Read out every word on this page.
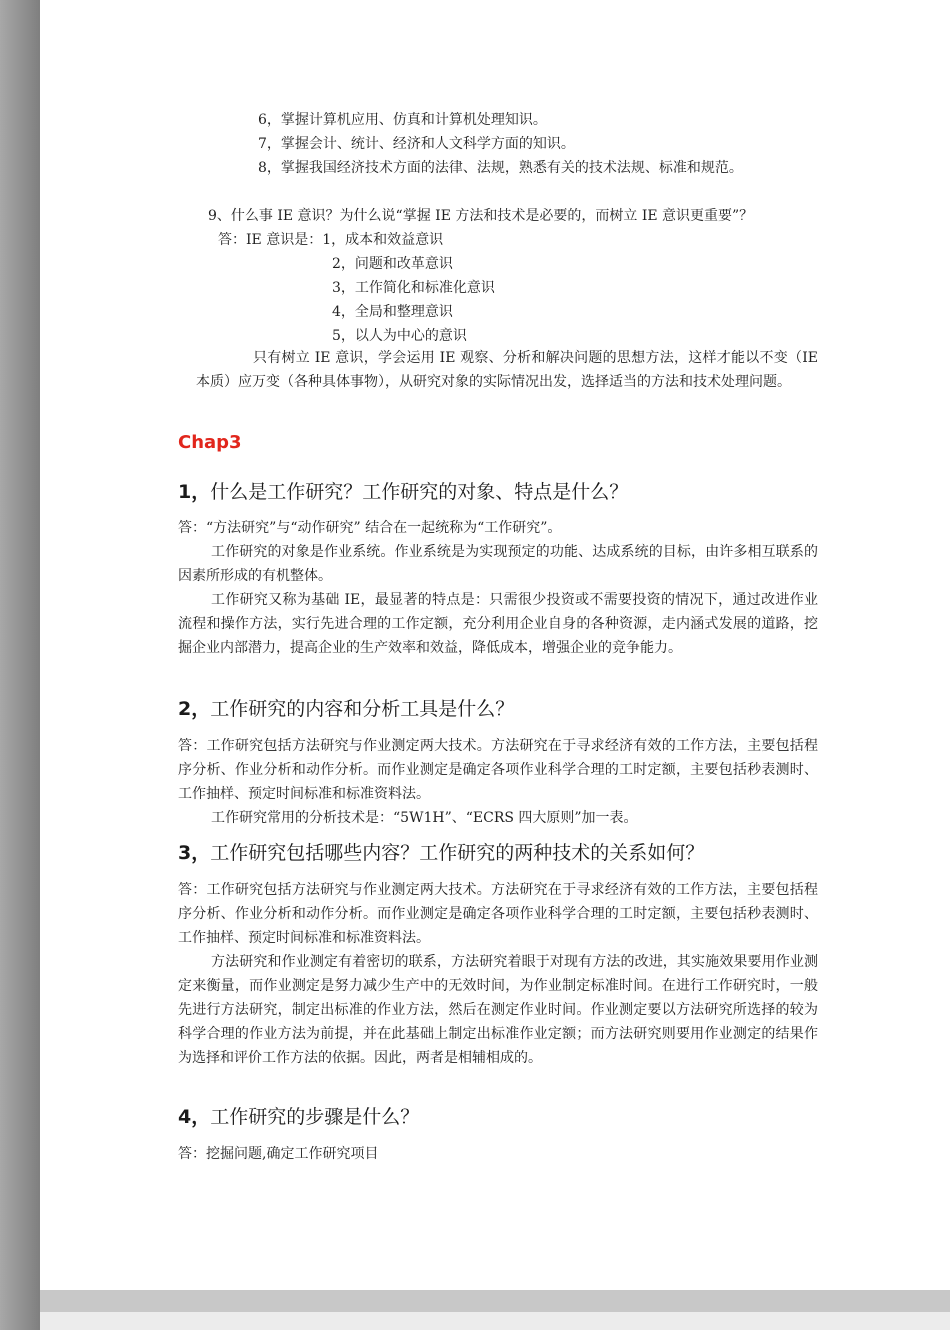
6，掌握计算机应用、仿真和计算机处理知识。
7，掌握会计、统计、经济和人文科学方面的知识。
8，掌握我国经济技术方面的法律、法规，熟悉有关的技术法规、标准和规范。
9、什么事 IE 意识？为什么说“掌握 IE 方法和技术是必要的，而树立 IE 意识更重要”？
答：IE 意识是：1，成本和效益意识
2，问题和改革意识
3，工作简化和标准化意识
4，全局和整理意识
5，以人为中心的意识
只有树立 IE 意识，学会运用 IE 观察、分析和解决问题的思想方法，这样才能以不变（IE 本质）应万变（各种具体事物），从研究对象的实际情况出发，选择适当的方法和技术处理问题。
Chap3
1，什么是工作研究？工作研究的对象、特点是什么？
答：“方法研究”与“动作研究” 结合在一起统称为“工作研究”。
工作研究的对象是作业系统。作业系统是为实现预定的功能、达成系统的目标，由许多相互联系的因素所形成的有机整体。
工作研究又称为基础 IE，最显著的特点是：只需很少投资或不需要投资的情况下，通过改进作业流程和操作方法，实行先进合理的工作定额，充分利用企业自身的各种资源，走内涵式发展的道路，挖掘企业内部潜力，提高企业的生产效率和效益，降低成本，增强企业的竞争能力。
2，工作研究的内容和分析工具是什么？
答：工作研究包括方法研究与作业测定两大技术。方法研究在于寻求经济有效的工作方法，主要包括程序分析、作业分析和动作分析。而作业测定是确定各项作业科学合理的工时定额，主要包括秒表测时、工作抽样、预定时间标准和标准资料法。
工作研究常用的分析技术是：“5W1H”、“ECRS 四大原则”加一表。
3，工作研究包括哪些内容？工作研究的两种技术的关系如何？
答：工作研究包括方法研究与作业测定两大技术。方法研究在于寻求经济有效的工作方法，主要包括程序分析、作业分析和动作分析。而作业测定是确定各项作业科学合理的工时定额，主要包括秒表测时、工作抽样、预定时间标准和标准资料法。
方法研究和作业测定有着密切的联系，方法研究着眼于对现有方法的改进，其实施效果要用作业测定来衡量，而作业测定是努力减少生产中的无效时间，为作业制定标准时间。在进行工作研究时，一般先进行方法研究，制定出标准的作业方法，然后在测定作业时间。作业测定要以方法研究所选择的较为科学合理的作业方法为前提，并在此基础上制定出标准作业定额；而方法研究则要用作业测定的结果作为选择和评价工作方法的依据。因此，两者是相辅相成的。
4，工作研究的步骤是什么？
答：挖掘问题,确定工作研究项目
